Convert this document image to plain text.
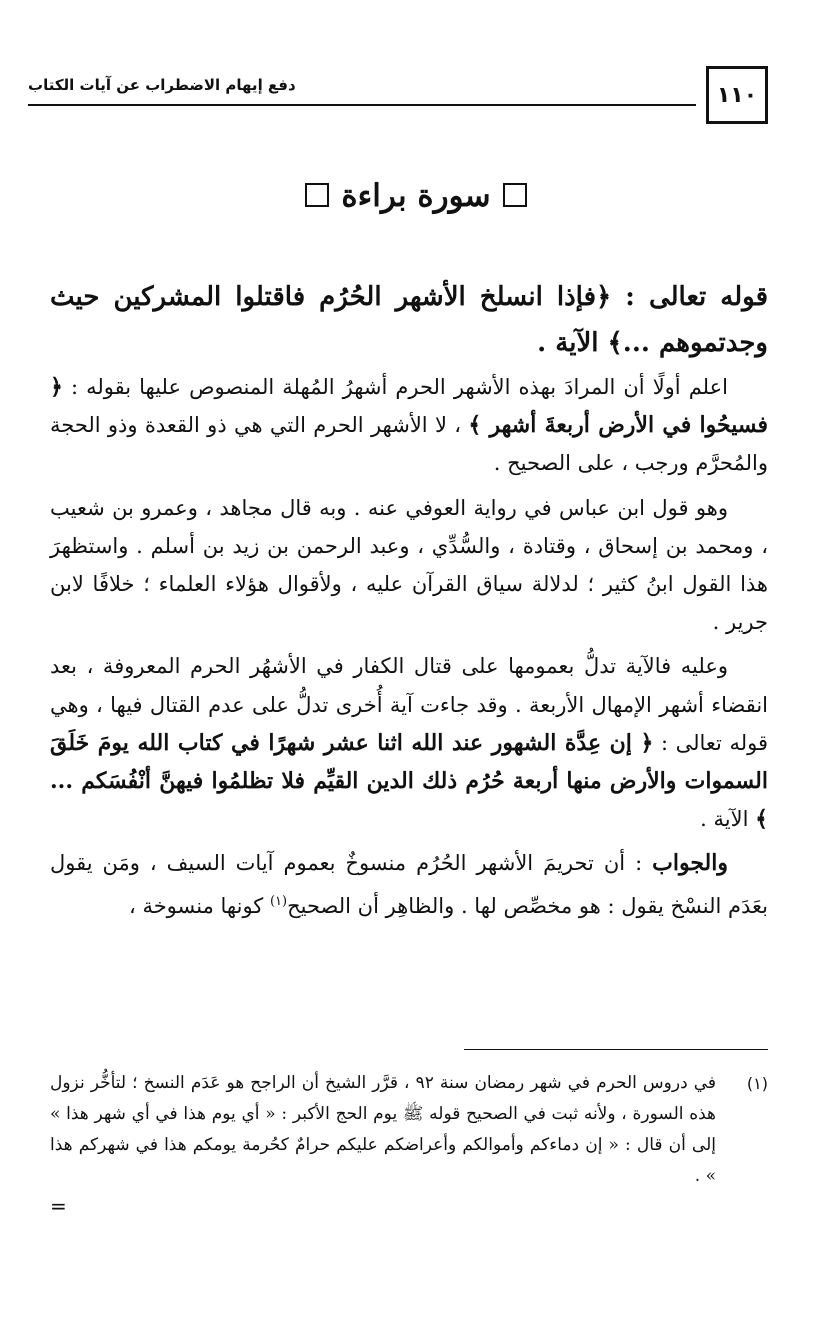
١١٠
دفع إيهام الاضطراب عن آيات الكتاب
سورة براءة
قوله تعالى : ﴿فإذا انسلخ الأشهر الحُرُم فاقتلوا المشركين حيث وجدتموهم ...﴾ الآية .

اعلم أولًا أن المرادَ بهذه الأشهر الحرم أشهرُ المُهلة المنصوص عليها بقوله : ﴿ فسيحُوا في الأرض أربعةَ أشهر ﴾ ، لا الأشهر الحرم التي هي ذو القعدة وذو الحجة والمُحرَّم ورجب ، على الصحيح .

وهو قول ابن عباس في رواية العوفي عنه . وبه قال مجاهد ، وعمرو بن شعيب ، ومحمد بن إسحاق ، وقتادة ، والسُّدِّي ، وعبد الرحمن بن زيد بن أسلم . واستظهرَ هذا القول ابنُ كثير ؛ لدلالة سياق القرآن عليه ، ولأقوال هؤلاء العلماء ؛ خلافًا لابن جرير .

وعليه فالآية تدلُّ بعمومها على قتال الكفار في الأشهُر الحرم المعروفة ، بعد انقضاء أشهر الإمهال الأربعة . وقد جاءت آية أُخرى تدلُّ على عدم القتال فيها ، وهي قوله تعالى : ﴿ إن عِدَّة الشهور عند الله اثنا عشر شهرًا في كتاب الله يومَ خَلَقَ السموات والأرض منها أربعة حُرُم ذلك الدين القيِّم فلا تظلمُوا فيهنَّ أنْفُسَكم ... ﴾ الآية .

والجواب : أن تحريمَ الأشهر الحُرُم منسوخٌ بعموم آيات السيف ، ومَن يقول بعَدَم النسْخ يقول : هو مخصِّص لها . والظاهِر أن الصحيح$^{(١)}$ كونها منسوخة ،

(١)
في دروس الحرم في شهر رمضان سنة ٩٢ ، قرَّر الشيخ أن الراجح هو عَدَم النسخ ؛ لتأخُّر نزول هذه السورة ، ولأنه ثبت في الصحيح قوله ﷺ يوم الحج الأكبر : « أي يوم هذا في أي شهر هذا » إلى أن قال : « إن دماءكم وأموالكم وأعراضكم عليكم حرامٌ كحُرمة يومكم هذا في شهركم هذا » .
=
